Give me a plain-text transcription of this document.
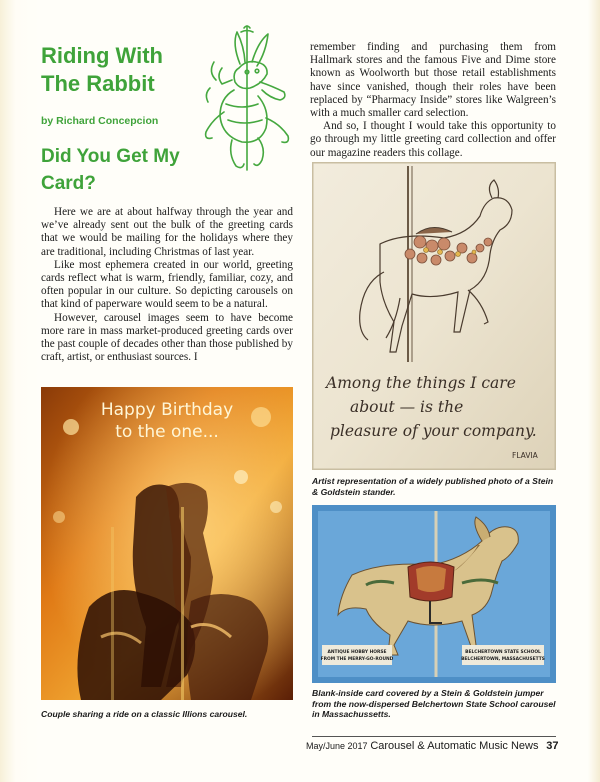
Riding With The Rabbit

by Richard Concepcion

Did You Get My Card?

Here we are at about halfway through the year and we’ve already sent out the bulk of the greeting cards that we would be mailing for the holidays where they are traditional, including Christmas of last year.

Like most ephemera created in our world, greeting cards reflect what is warm, friendly, familiar, cozy, and often popular in our culture. So depicting carousels on that kind of paperware would seem to be a natural.

However, carousel images seem to have become more rare in mass market-produced greeting cards over the past couple of decades other than those published by craft, artist, or enthusiast sources. I

remember finding and purchasing them from Hallmark stores and the famous Five and Dime store known as Woolworth but those retail establishments have since vanished, though their roles have been replaced by “Pharmacy Inside” stores like Walgreen’s with a much smaller card selection.

And so, I thought I would take this opportunity to go through my little greeting card collection and offer our magazine readers this collage.

Happy Birthday
to the one...
Among the things I care
about — is the
pleasure of your company.
FLAVIA
ANTIQUE HOBBY HORSE
FROM THE MERRY-GO-ROUND
BELCHERTOWN STATE SCHOOL
BELCHERTOWN, MASSACHUSETTS

Couple sharing a ride on a classic Illions carousel.

Artist representation of a widely published photo of a Stein & Goldstein stander.

Blank-inside card covered by a Stein & Goldstein jumper from the now-dispersed Belchertown State School carousel in Massachussetts.

May/June 2017 Carousel & Automatic Music News 37
